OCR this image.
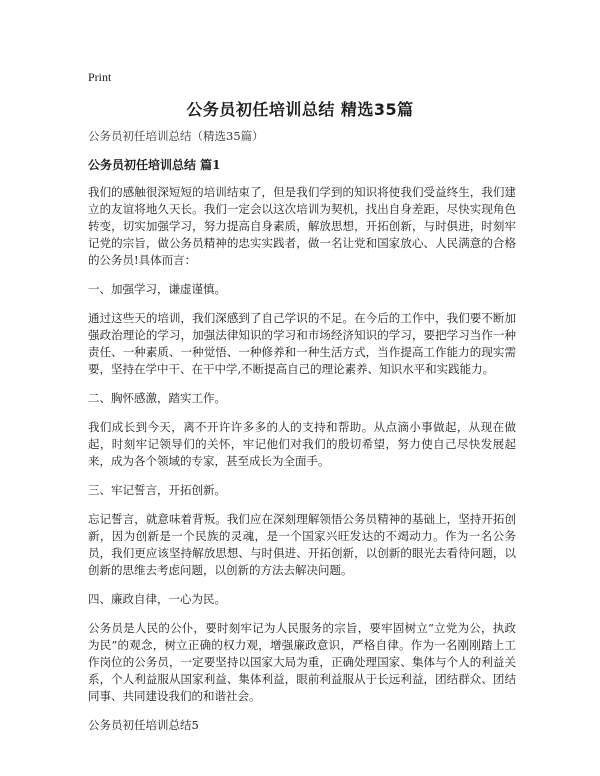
Print
公务员初任培训总结 精选35篇

公务员初任培训总结（精选35篇）

公务员初任培训总结 篇1

我们的感触很深短短的培训结束了，但是我们学到的知识将使我们受益终生，我们建立的友谊将地久天长。我们一定会以这次培训为契机，找出自身差距，尽快实现角色转变，切实加强学习，努力提高自身素质，解放思想，开拓创新，与时俱进，时刻牢记党的宗旨，做公务员精神的忠实实践者，做一名让党和国家放心、人民满意的合格的公务员!具体而言：

一、加强学习，谦虚谨慎。

通过这些天的培训，我们深感到了自己学识的不足。在今后的工作中，我们要不断加强政治理论的学习，加强法律知识的学习和市场经济知识的学习，要把学习当作一种责任、一种素质、一种觉悟、一种修养和一种生活方式，当作提高工作能力的现实需要，坚持在学中干、在干中学,不断提高自己的理论素养、知识水平和实践能力。

二、胸怀感激，踏实工作。

我们成长到今天，离不开许许多多的人的支持和帮助。从点滴小事做起，从现在做起，时刻牢记领导们的关怀，牢记他们对我们的殷切希望，努力使自己尽快发展起来，成为各个领域的专家，甚至成长为全面手。

三、牢记誓言，开拓创新。

忘记誓言，就意味着背叛。我们应在深刻理解领悟公务员精神的基础上，坚持开拓创新，因为创新是一个民族的灵魂，是一个国家兴旺发达的不竭动力。作为一名公务员，我们更应该坚持解放思想、与时俱进、开拓创新，以创新的眼光去看待问题，以创新的思维去考虑问题，以创新的方法去解决问题。

四、廉政自律，一心为民。

公务员是人民的公仆，要时刻牢记为人民服务的宗旨，要牢固树立“立党为公，执政为民”的观念，树立正确的权力观，增强廉政意识，严格自律。作为一名刚刚踏上工作岗位的公务员，一定要坚持以国家大局为重，正确处理国家、集体与个人的利益关系，个人利益服从国家利益、集体利益，眼前利益服从于长远利益，团结群众、团结同事、共同建设我们的和谐社会。

公务员初任培训总结5
